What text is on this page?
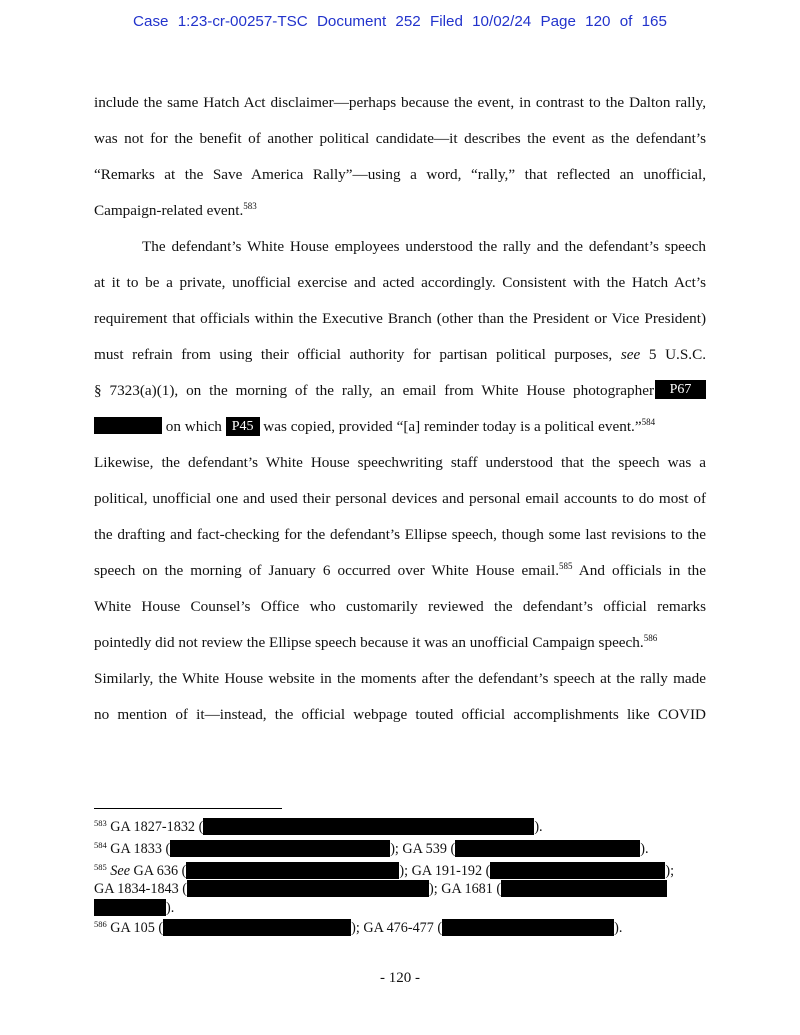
Case 1:23-cr-00257-TSC Document 252 Filed 10/02/24 Page 120 of 165
include the same Hatch Act disclaimer—perhaps because the event, in contrast to the Dalton rally,
was not for the benefit of another political candidate—it describes the event as the defendant’s
“Remarks at the Save America Rally”—using a word, “rally,” that reflected an unofficial,
Campaign-related event.$^{583}$
The defendant’s White House employees understood the rally and the defendant’s speech
at it to be a private, unofficial exercise and acted accordingly. Consistent with the Hatch Act’s
requirement that officials within the Executive Branch (other than the President or Vice President)
must refrain from using their official authority for partisan political purposes, see 5 U.S.C.
§ 7323(a)(1), on the morning of the rally, an email from White House photographer	P67
on which P45 was copied, provided “[a] reminder today is a political event.”$^{584}$
Likewise, the defendant’s White House speechwriting staff understood that the speech was a
political, unofficial one and used their personal devices and personal email accounts to do most of
the drafting and fact-checking for the defendant’s Ellipse speech, though some last revisions to the
speech on the morning of January 6 occurred over White House email.$^{585}$ And officials in the
White House Counsel’s Office who customarily reviewed the defendant’s official remarks
pointedly did not review the Ellipse speech because it was an unofficial Campaign speech.$^{586}$
Similarly, the White House website in the moments after the defendant’s speech at the rally made
no mention of it—instead, the official webpage touted official accomplishments like COVID
$^{583}$ GA 1827-1832 (	).
$^{584}$ GA 1833 (	); GA 539 (	).
$^{585}$ See GA 636 (	); GA 191-192 (	);
GA 1834-1843 (	); GA 1681 (
).
$^{586}$ GA 105 (	); GA 476-477 (	).
- 120 -
